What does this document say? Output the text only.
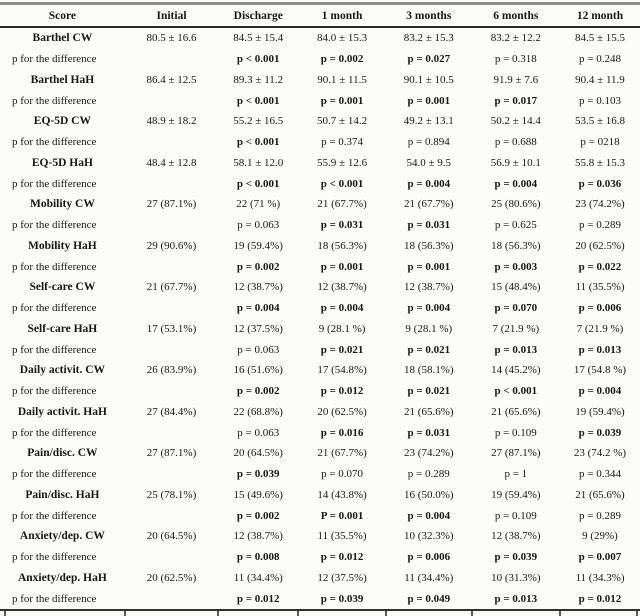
Score	Initial	Discharge	1 month	3 months	6 months	12 month
Barthel CW	80.5 ± 16.6	84.5 ± 15.4	84.0 ± 15.3	83.2 ± 15.3	83.2 ± 12.2	84.5 ± 15.5
p for the difference		p < 0.001	p = 0.002	p = 0.027	p = 0.318	p = 0.248
Barthel HaH	86.4 ± 12.5	89.3 ± 11.2	90.1 ± 11.5	90.1 ± 10.5	91.9 ± 7.6	90.4 ± 11.9
p for the difference		p < 0.001	p = 0.001	p = 0.001	p = 0.017	p = 0.103
EQ-5D CW	48.9 ± 18.2	55.2 ± 16.5	50.7 ± 14.2	49.2 ± 13.1	50.2 ± 14.4	53.5 ± 16.8
p for the difference		p < 0.001	p = 0.374	p = 0.894	p = 0.688	p = 0218
EQ-5D HaH	48.4 ± 12.8	58.1 ± 12.0	55.9 ± 12.6	54.0 ± 9.5	56.9 ± 10.1	55.8 ± 15.3
p for the difference		p < 0.001	p < 0.001	p = 0.004	p = 0.004	p = 0.036
Mobility CW	27 (87.1%)	22 (71 %)	21 (67.7%)	21 (67.7%)	25 (80.6%)	23 (74.2%)
p for the difference		p = 0.063	p = 0.031	p = 0.031	p = 0.625	p = 0.289
Mobility HaH	29 (90.6%)	19 (59.4%)	18 (56.3%)	18 (56.3%)	18 (56.3%)	20 (62.5%)
p for the difference		p = 0.002	p = 0.001	p = 0.001	p = 0.003	p = 0.022
Self-care CW	21 (67.7%)	12 (38.7%)	12 (38.7%)	12 (38.7%)	15 (48.4%)	11 (35.5%)
p for the difference		p = 0.004	p = 0.004	p = 0.004	p = 0.070	p = 0.006
Self-care HaH	17 (53.1%)	12 (37.5%)	9 (28.1 %)	9 (28.1 %)	7 (21.9 %)	7 (21.9 %)
p for the difference		p = 0.063	p = 0.021	p = 0.021	p = 0.013	p = 0.013
Daily activit. CW	26 (83.9%)	16 (51.6%)	17 (54.8%)	18 (58.1%)	14 (45.2%)	17 (54.8 %)
p for the difference		p = 0.002	p = 0.012	p = 0.021	p < 0.001	p = 0.004
Daily activit. HaH	27 (84.4%)	22 (68.8%)	20 (62.5%)	21 (65.6%)	21 (65.6%)	19 (59.4%)
p for the difference		p = 0.063	p = 0.016	p = 0.031	p = 0.109	p = 0.039
Pain/disc. CW	27 (87.1%)	20 (64.5%)	21 (67.7%)	23 (74.2%)	27 (87.1%)	23 (74.2 %)
p for the difference		p = 0.039	p = 0.070	p = 0.289	p = 1	p = 0.344
Pain/disc. HaH	25 (78.1%)	15 (49.6%)	14 (43.8%)	16 (50.0%)	19 (59.4%)	21 (65.6%)
p for the difference		p = 0.002	P = 0.001	p = 0.004	p = 0.109	p = 0.289
Anxiety/dep. CW	20 (64.5%)	12 (38.7%)	11 (35.5%)	10 (32.3%)	12 (38.7%)	9 (29%)
p for the difference		p = 0.008	p = 0.012	p = 0.006	p = 0.039	p = 0.007
Anxiety/dep. HaH	20 (62.5%)	11 (34.4%)	12 (37.5%)	11 (34.4%)	10 (31.3%)	11 (34.3%)
p for the difference		p = 0.012	p = 0.039	p = 0.049	p = 0.013	p = 0.012
